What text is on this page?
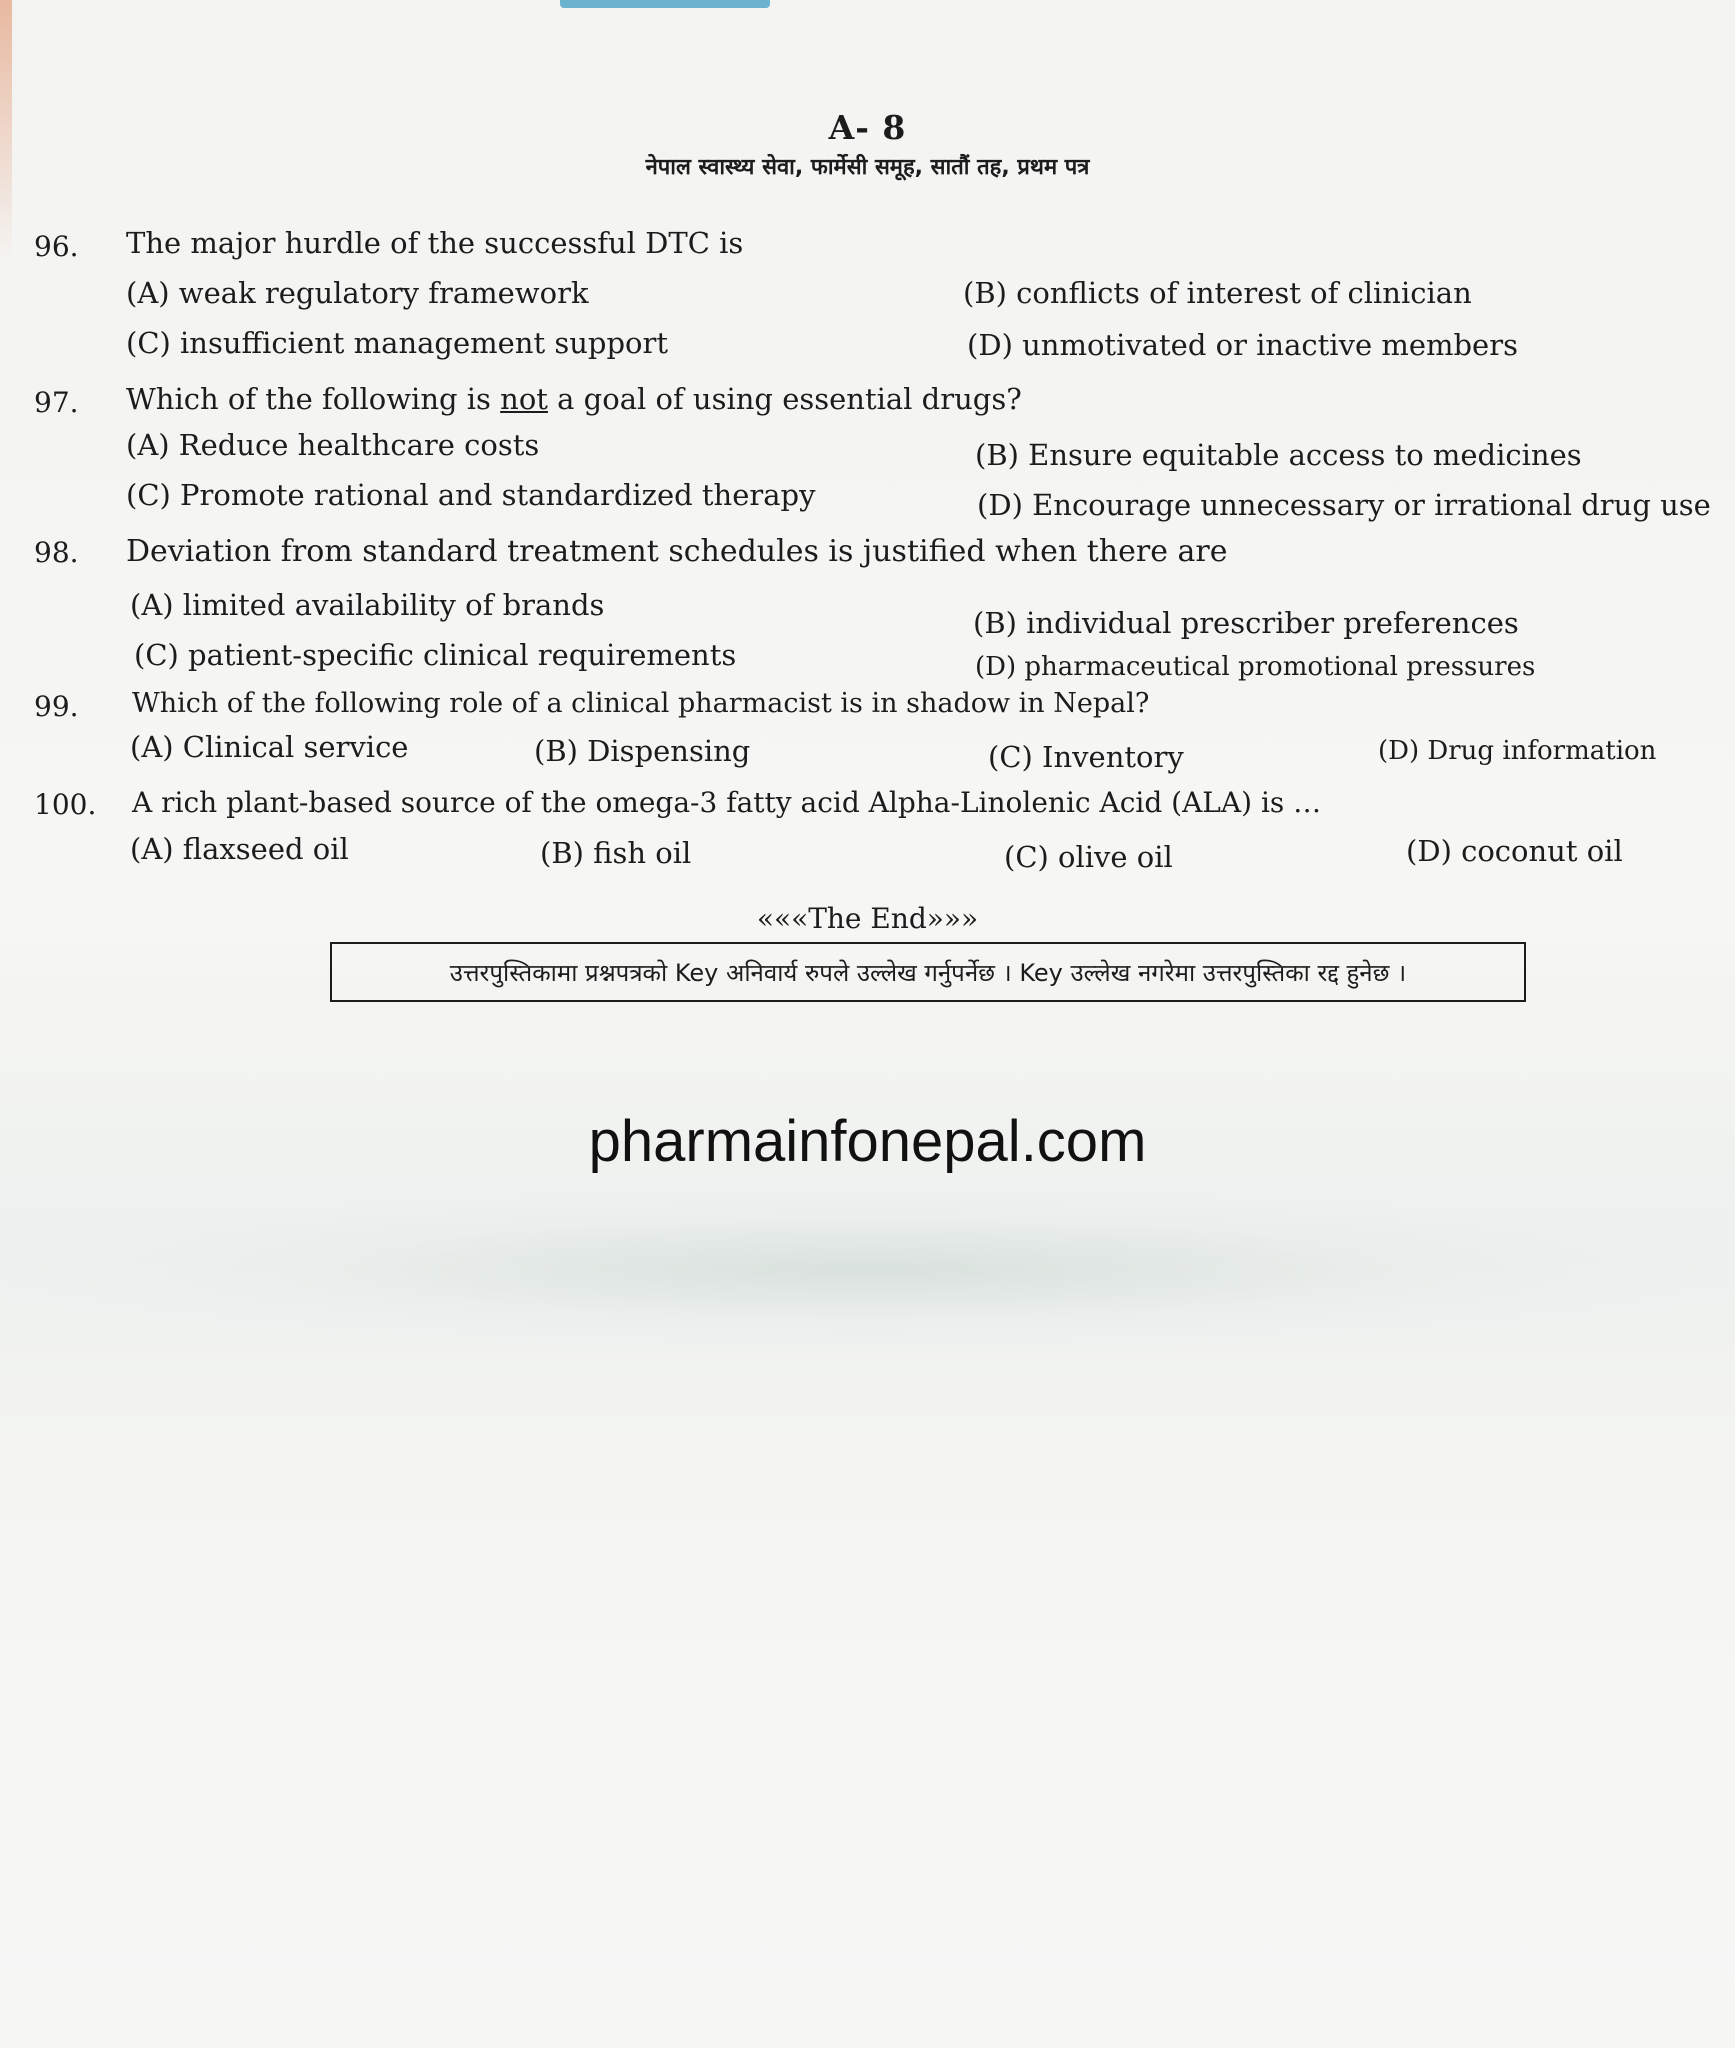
A- 8
नेपाल स्वास्थ्य सेवा, फार्मेसी समूह, सातौं तह, प्रथम पत्र
96. The major hurdle of the successful DTC is
(A) weak regulatory framework	(B) conflicts of interest of clinician
(C) insufficient management support	(D) unmotivated or inactive members
97. Which of the following is not a goal of using essential drugs?
(A) Reduce healthcare costs	(B) Ensure equitable access to medicines
(C) Promote rational and standardized therapy	(D) Encourage unnecessary or irrational drug use
98. Deviation from standard treatment schedules is justified when there are
(A) limited availability of brands
(B) individual prescriber preferences
(C) patient-specific clinical requirements	(D) pharmaceutical promotional pressures
99. Which of the following role of a clinical pharmacist is in shadow in Nepal?
(A) Clinical service	(B) Dispensing	(C) Inventory	(D) Drug information
100. A rich plant-based source of the omega-3 fatty acid Alpha-Linolenic Acid (ALA) is …
(A) flaxseed oil	(B) fish oil	(C) olive oil	(D) coconut oil
«««The End»»»
उत्तरपुस्तिकामा प्रश्नपत्रको Key अनिवार्य रुपले उल्लेख गर्नुपर्नेछ । Key उल्लेख नगरेमा उत्तरपुस्तिका रद्द हुनेछ ।
pharmainfonepal.com
